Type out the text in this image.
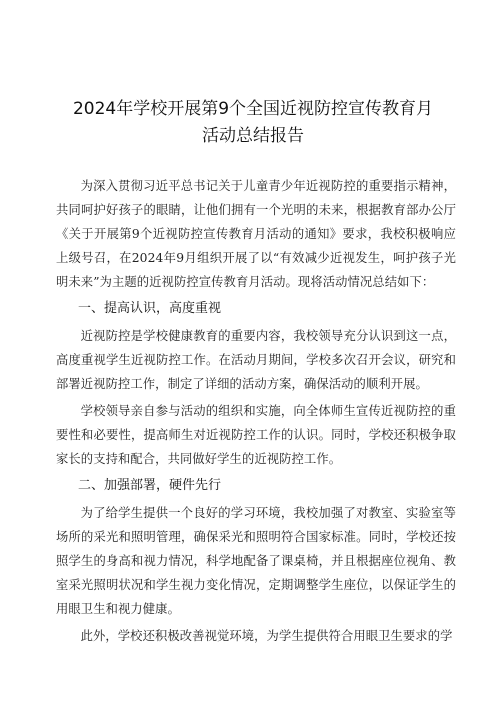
2024年学校开展第9个全国近视防控宣传教育月
活动总结报告

为深入贯彻习近平总书记关于儿童青少年近视防控的重要指示精神，共同呵护好孩子的眼睛，让他们拥有一个光明的未来，根据教育部办公厅《关于开展第9个近视防控宣传教育月活动的通知》要求，我校积极响应上级号召，在2024年9月组织开展了以“有效减少近视发生，呵护孩子光明未来”为主题的近视防控宣传教育月活动。现将活动情况总结如下：

一、提高认识，高度重视

近视防控是学校健康教育的重要内容，我校领导充分认识到这一点，高度重视学生近视防控工作。在活动月期间，学校多次召开会议，研究和部署近视防控工作，制定了详细的活动方案，确保活动的顺利开展。

学校领导亲自参与活动的组织和实施，向全体师生宣传近视防控的重要性和必要性，提高师生对近视防控工作的认识。同时，学校还积极争取家长的支持和配合，共同做好学生的近视防控工作。

二、加强部署，硬件先行

为了给学生提供一个良好的学习环境，我校加强了对教室、实验室等场所的采光和照明管理，确保采光和照明符合国家标准。同时，学校还按照学生的身高和视力情况，科学地配备了课桌椅，并且根据座位视角、教室采光照明状况和学生视力变化情况，定期调整学生座位，以保证学生的用眼卫生和视力健康。

此外，学校还积极改善视觉环境，为学生提供符合用眼卫生要求的学
